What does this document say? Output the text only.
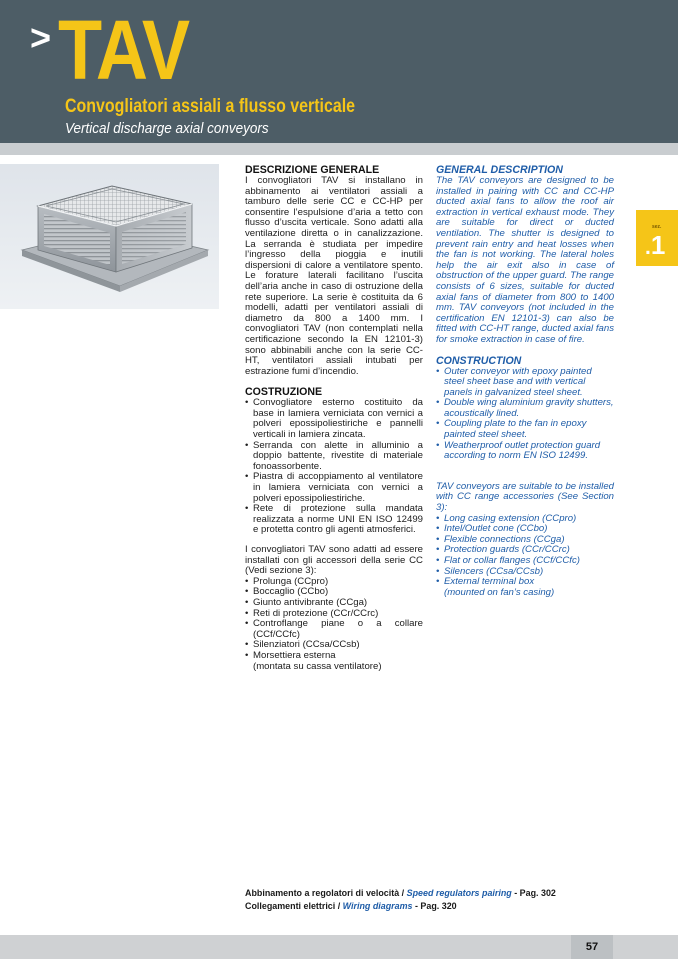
> TAV
Convogliatori assiali a flusso verticale
Vertical discharge axial conveyors
DESCRIZIONE GENERALE

I convogliatori TAV si installano in abbinamento ai ventilatori assiali a tamburo delle serie CC e CC-HP per consentire l’espulsione d’aria a tetto con flusso d’uscita verticale. Sono adatti alla ventilazione diretta o in canalizzazione. La serranda è studiata per impedire l’ingresso della pioggia e inutili dispersioni di calore a ventilatore spento. Le forature laterali facilitano l’uscita dell’aria anche in caso di ostruzione della rete superiore. La serie è costituita da 6 modelli, adatti per ventilatori assiali di diametro da 800 a 1400 mm. I convogliatori TAV (non contemplati nella certificazione secondo la EN 12101-3) sono abbinabili anche con la serie CC-HT, ventilatori assiali intubati per estrazione fumi d’incendio.

COSTRUZIONE
• Convogliatore esterno costituito da base in lamiera verniciata con vernici a polveri epossipoliestiriche e pannelli verticali in lamiera zincata.
• Serranda con alette in alluminio a doppio battente, rivestite di materiale fonoassorbente.
• Piastra di accoppiamento al ventilatore in lamiera verniciata con vernici a polveri epossipoliestiriche.
• Rete di protezione sulla mandata realizzata a norme UNI EN ISO 12499 e protetta contro gli agenti atmosferici.

I convogliatori TAV sono adatti ad essere installati con gli accessori della serie CC (Vedi sezione 3):

• Prolunga (CCpro)
• Boccaglio (CCbo)
• Giunto antivibrante (CCga)
• Reti di protezione (CCr/CCrc)
• Controflange piane o a collare (CCf/CCfc)
• Silenziatori (CCsa/CCsb)
• Morsettiera esterna
(montata su cassa ventilatore)
GENERAL DESCRIPTION

The TAV conveyors are designed to be installed in pairing with CC and CC-HP ducted axial fans to allow the roof air extraction in vertical exhaust mode. They are suitable for direct or ducted ventilation. The shutter is designed to prevent rain entry and heat losses when the fan is not working. The lateral holes help the air exit also in case of obstruction of the upper guard. The range consists of 6 sizes, suitable for ducted axial fans of diameter from 800 to 1400 mm. TAV conveyors (not included in the certification EN 12101-3) can also be fitted with CC-HT range, ducted axial fans for smoke extraction in case of fire.

CONSTRUCTION
• Outer conveyor with epoxy painted steel sheet base and with vertical panels in galvanized steel sheet.
• Double wing aluminium gravity shutters, acoustically lined.
• Coupling plate to the fan in epoxy painted steel sheet.
• Weatherproof outlet protection guard according to norm EN ISO 12499.

TAV conveyors are suitable to be installed with CC range accessories (See Section 3):

• Long casing extension (CCpro)
• Intel/Outlet cone (CCbo)
• Flexible connections (CCga)
• Protection guards (CCr/CCrc)
• Flat or collar flanges (CCf/CCfc)
• Silencers (CCsa/CCsb)
• External terminal box
(mounted on fan’s casing)
sez.
.1
1.1
Abbinamento a regolatori di velocità / Speed regulators pairing - Pag. 302
Collegamenti elettrici / Wiring diagrams - Pag. 320
57
